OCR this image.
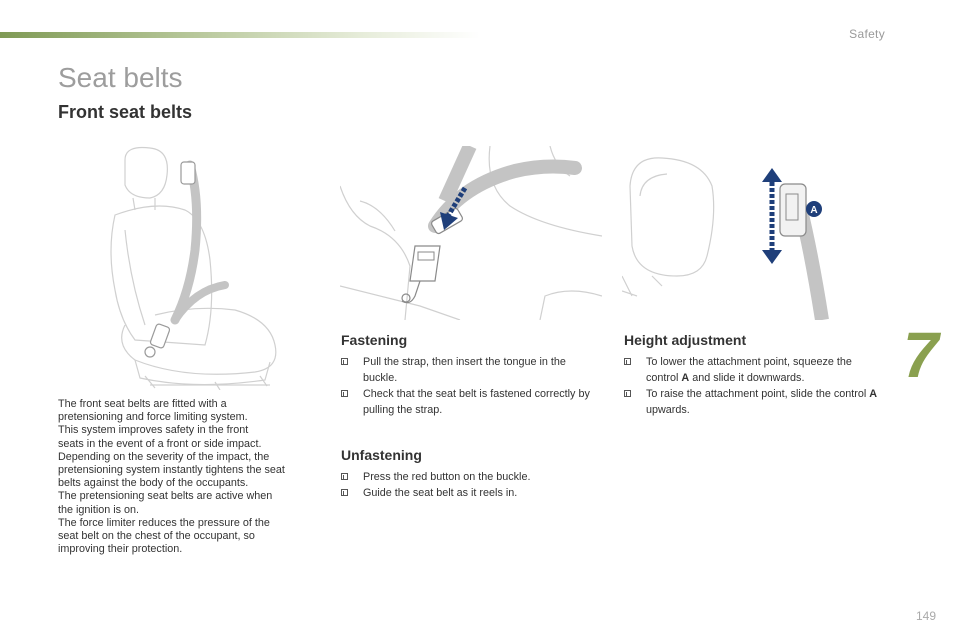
Safety
Seat belts
Front seat belts
A

The front seat belts are fitted with a

pretensioning and force limiting system.

This system improves safety in the front

seats in the event of a front or side impact.

Depending on the severity of the impact, the

pretensioning system instantly tightens the seat

belts against the body of the occupants.

The pretensioning seat belts are active when

the ignition is on.

The force limiter reduces the pressure of the

seat belt on the chest of the occupant, so

improving their protection.

Fastening
Pull the strap, then insert the tongue in the buckle.
Check that the seat belt is fastened correctly by pulling the strap.
Unfastening
Press the red button on the buckle.
Guide the seat belt as it reels in.
Height adjustment
To lower the attachment point, squeeze the control A and slide it downwards.
To raise the attachment point, slide the control A upwards.
7
149
